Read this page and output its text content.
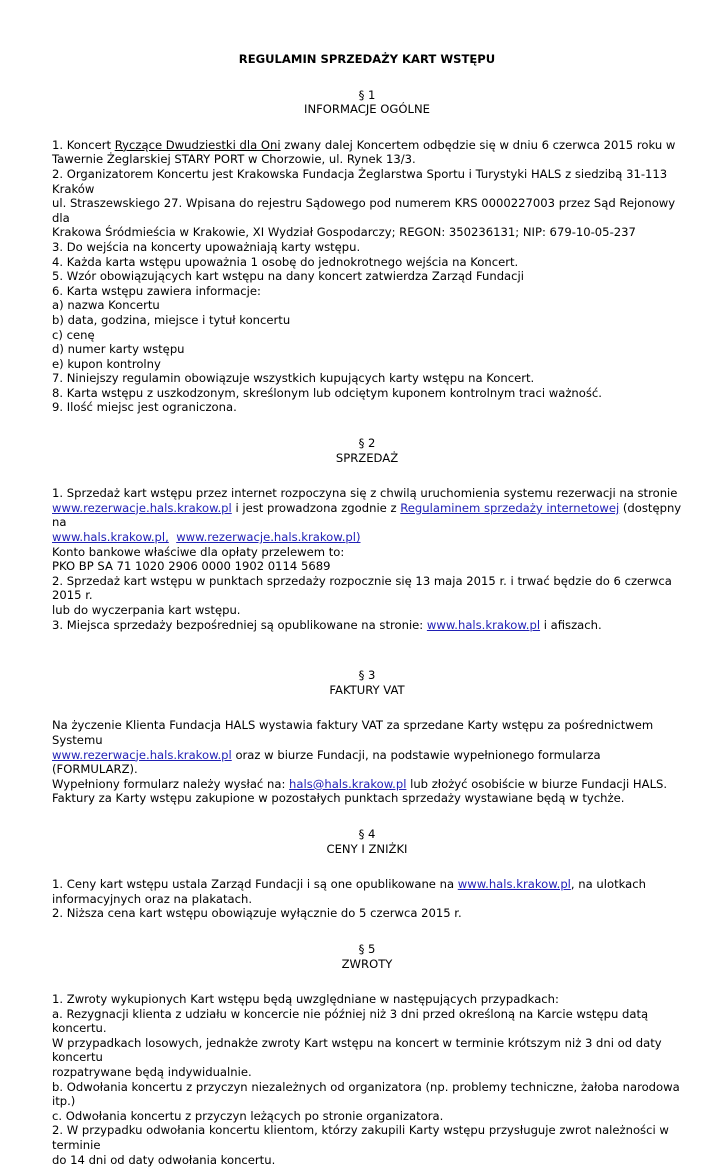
REGULAMIN SPRZEDAŻY KART WSTĘPU

§ 1

INFORMACJE OGÓLNE

1. Koncert Ryczące Dwudziestki dla Oni zwany dalej Koncertem odbędzie się w dniu 6 czerwca 2015 roku w

Tawernie Żeglarskiej STARY PORT w Chorzowie, ul. Rynek 13/3.

2. Organizatorem Koncertu jest Krakowska Fundacja Żeglarstwa Sportu i Turystyki HALS z siedzibą 31-113 Kraków

ul. Straszewskiego 27. Wpisana do rejestru Sądowego pod numerem KRS 0000227003 przez Sąd Rejonowy dla

Krakowa Śródmieścia w Krakowie, XI Wydział Gospodarczy; REGON: 350236131; NIP: 679-10-05-237

3. Do wejścia na koncerty upoważniają karty wstępu.

4. Każda karta wstępu upoważnia 1 osobę do jednokrotnego wejścia na Koncert.

5. Wzór obowiązujących kart wstępu na dany koncert zatwierdza Zarząd Fundacji

6. Karta wstępu zawiera informacje:

a) nazwa Koncertu

b) data, godzina, miejsce i tytuł koncertu

c) cenę

d) numer karty wstępu

e) kupon kontrolny

7. Niniejszy regulamin obowiązuje wszystkich kupujących karty wstępu na Koncert.

8. Karta wstępu z uszkodzonym, skreślonym lub odciętym kuponem kontrolnym traci ważność.

9. Ilość miejsc jest ograniczona.

§ 2

SPRZEDAŻ

1. Sprzedaż kart wstępu przez internet rozpoczyna się z chwilą uruchomienia systemu rezerwacji na stronie

www.rezerwacje.hals.krakow.pl i jest prowadzona zgodnie z Regulaminem sprzedaży internetowej (dostępny na

www.hals.krakow.pl, www.rezerwacje.hals.krakow.pl)

Konto bankowe właściwe dla opłaty przelewem to:

PKO BP SA 71 1020 2906 0000 1902 0114 5689

2. Sprzedaż kart wstępu w punktach sprzedaży rozpocznie się 13 maja 2015 r. i trwać będzie do 6 czerwca 2015 r.

lub do wyczerpania kart wstępu.

3. Miejsca sprzedaży bezpośredniej są opublikowane na stronie: www.hals.krakow.pl i afiszach.

§ 3

FAKTURY VAT

Na życzenie Klienta Fundacja HALS wystawia faktury VAT za sprzedane Karty wstępu za pośrednictwem Systemu

www.rezerwacje.hals.krakow.pl oraz w biurze Fundacji, na podstawie wypełnionego formularza (FORMULARZ).

Wypełniony formularz należy wysłać na: hals@hals.krakow.pl lub złożyć osobiście w biurze Fundacji HALS.

Faktury za Karty wstępu zakupione w pozostałych punktach sprzedaży wystawiane będą w tychże.

§ 4

CENY I ZNIŻKI

1. Ceny kart wstępu ustala Zarząd Fundacji i są one opublikowane na www.hals.krakow.pl, na ulotkach

informacyjnych oraz na plakatach.

2. Niższa cena kart wstępu obowiązuje wyłącznie do 5 czerwca 2015 r.

§ 5

ZWROTY

1. Zwroty wykupionych Kart wstępu będą uwzględniane w następujących przypadkach:

a. Rezygnacji klienta z udziału w koncercie nie później niż 3 dni przed określoną na Karcie wstępu datą koncertu.

W przypadkach losowych, jednakże zwroty Kart wstępu na koncert w terminie krótszym niż 3 dni od daty koncertu

rozpatrywane będą indywidualnie.

b. Odwołania koncertu z przyczyn niezależnych od organizatora (np. problemy techniczne, żałoba narodowa itp.)

c. Odwołania koncertu z przyczyn leżących po stronie organizatora.

2. W przypadku odwołania koncertu klientom, którzy zakupili Karty wstępu przysługuje zwrot należności w terminie

do 14 dni od daty odwołania koncertu.
